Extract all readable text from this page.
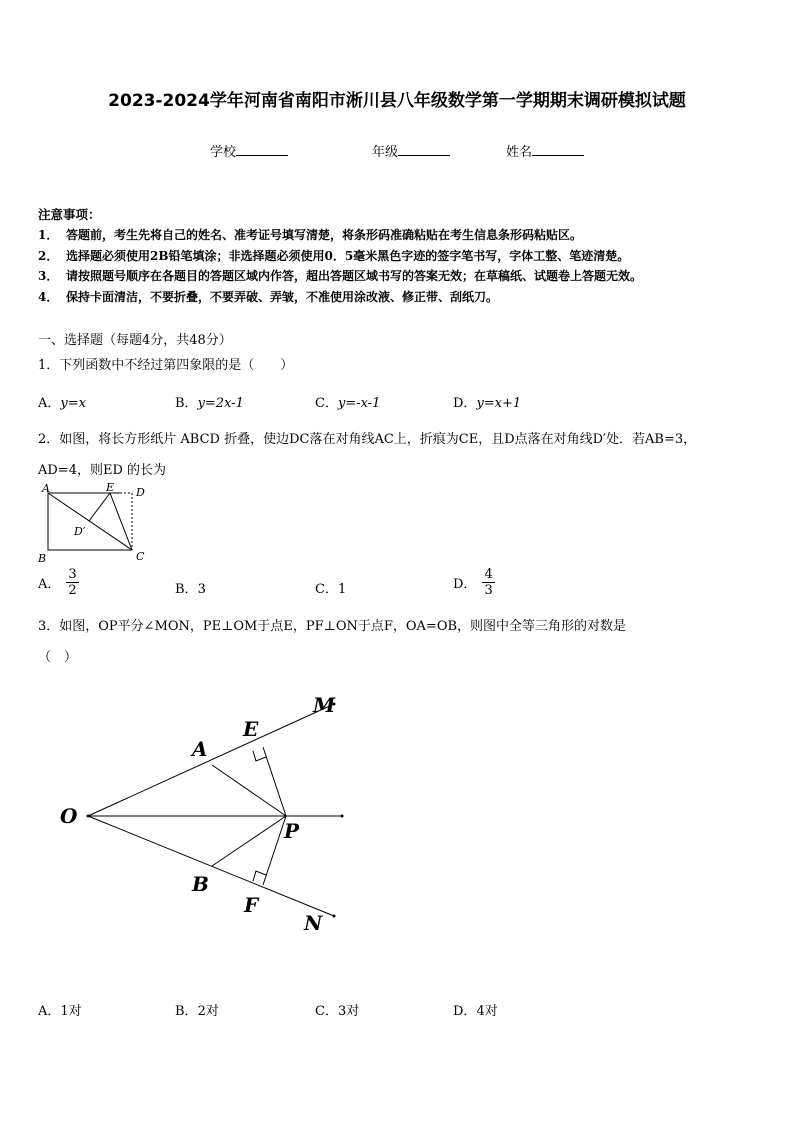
2023-2024学年河南省南阳市淅川县八年级数学第一学期期末调研模拟试题
学校	年级	姓名
注意事项：
1． 答题前，考生先将自己的姓名、准考证号填写清楚，将条形码准确粘贴在考生信息条形码粘贴区。
2． 选择题必须使用2B铅笔填涂；非选择题必须使用0．5毫米黑色字迹的签字笔书写，字体工整、笔迹清楚。
3． 请按照题号顺序在各题目的答题区域内作答，超出答题区域书写的答案无效；在草稿纸、试题卷上答题无效。
4． 保持卡面清洁，不要折叠，不要弄破、弄皱，不准使用涂改液、修正带、刮纸刀。
一、选择题（每题4分，共48分）
1．下列函数中不经过第四象限的是（　　）
A．y=x	B．y=2x-1	C．y=-x-1	D．y=x+1
2．如图，将长方形纸片 ABCD 折叠，使边DC落在对角线AC上，折痕为CE，且D点落在对角线D′处．若AB=3，
AD=4，则ED 的长为
A	E D
D′
B	C
A． $\frac{3}{2}$	B．3	C．1	D． $\frac{4}{3}$
3．如图，OP平分∠MON，PE⊥OM于点E，PF⊥ON于点F，OA=OB，则图中全等三角形的对数是
（　）
O
A
E
M
P
B
F
N
A．1对	B．2对	C．3对	D．4对
